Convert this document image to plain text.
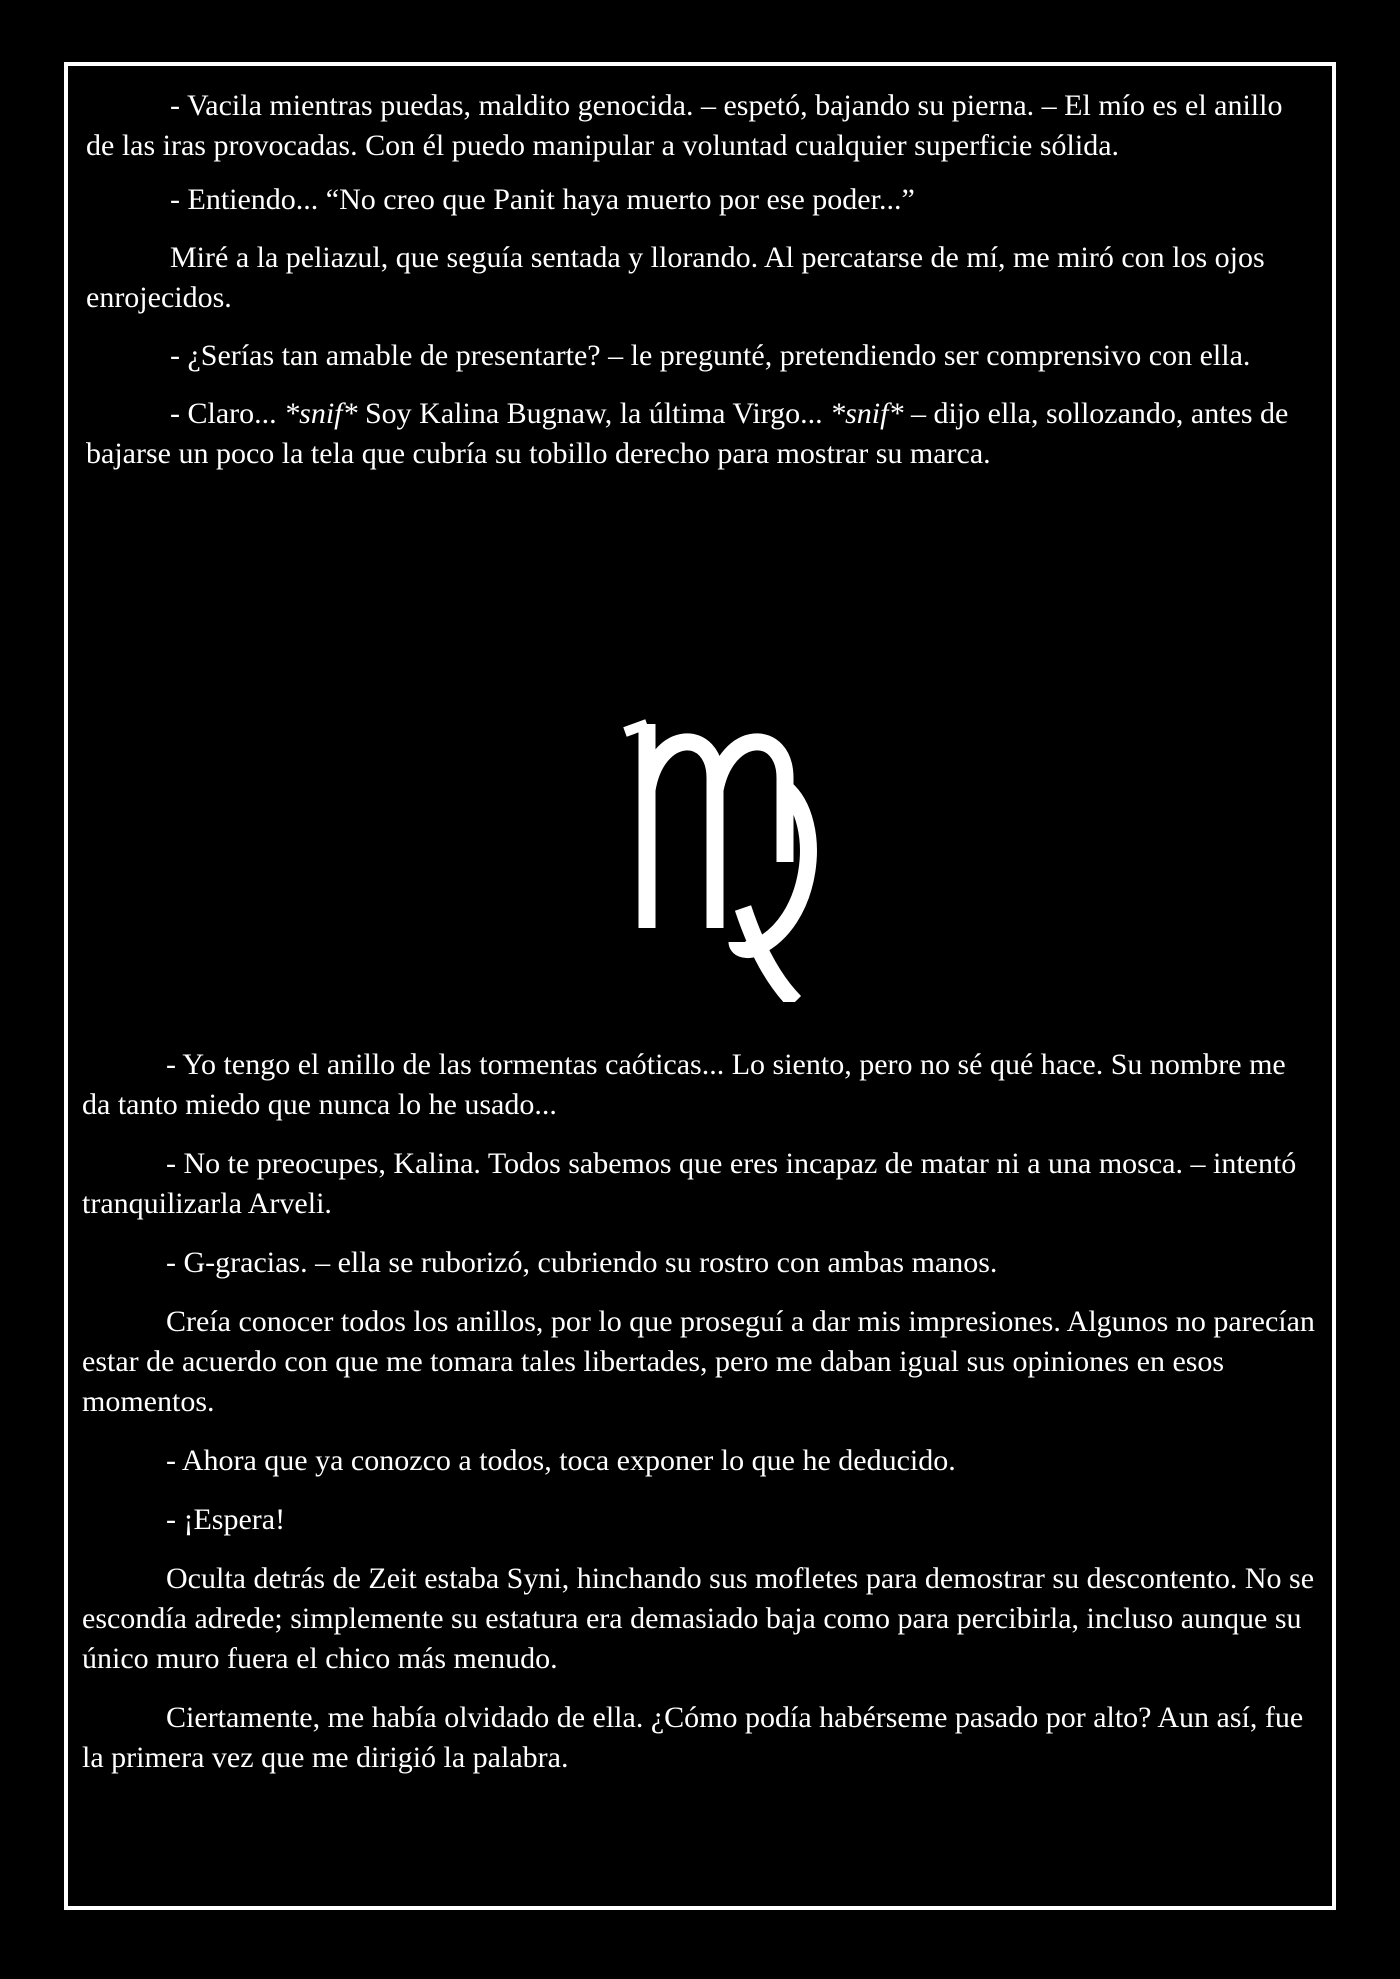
- Vacila mientras puedas, maldito genocida. – espetó, bajando su pierna. – El mío es el anillo de las iras provocadas. Con él puedo manipular a voluntad cualquier superficie sólida.

- Entiendo... “No creo que Panit haya muerto por ese poder...”

Miré a la peliazul, que seguía sentada y llorando. Al percatarse de mí, me miró con los ojos enrojecidos.

- ¿Serías tan amable de presentarte? – le pregunté, pretendiendo ser comprensivo con ella.

- Claro... *snif* Soy Kalina Bugnaw, la última Virgo... *snif* – dijo ella, sollozando, antes de bajarse un poco la tela que cubría su tobillo derecho para mostrar su marca.

- Yo tengo el anillo de las tormentas caóticas... Lo siento, pero no sé qué hace. Su nombre me da tanto miedo que nunca lo he usado...

- No te preocupes, Kalina. Todos sabemos que eres incapaz de matar ni a una mosca. – intentó tranquilizarla Arveli.

- G-gracias. – ella se ruborizó, cubriendo su rostro con ambas manos.

Creía conocer todos los anillos, por lo que proseguí a dar mis impresiones. Algunos no parecían estar de acuerdo con que me tomara tales libertades, pero me daban igual sus opiniones en esos momentos.

- Ahora que ya conozco a todos, toca exponer lo que he deducido.

- ¡Espera!

Oculta detrás de Zeit estaba Syni, hinchando sus mofletes para demostrar su descontento. No se escondía adrede; simplemente su estatura era demasiado baja como para percibirla, incluso aunque su único muro fuera el chico más menudo.

Ciertamente, me había olvidado de ella. ¿Cómo podía habérseme pasado por alto? Aun así, fue la primera vez que me dirigió la palabra.
